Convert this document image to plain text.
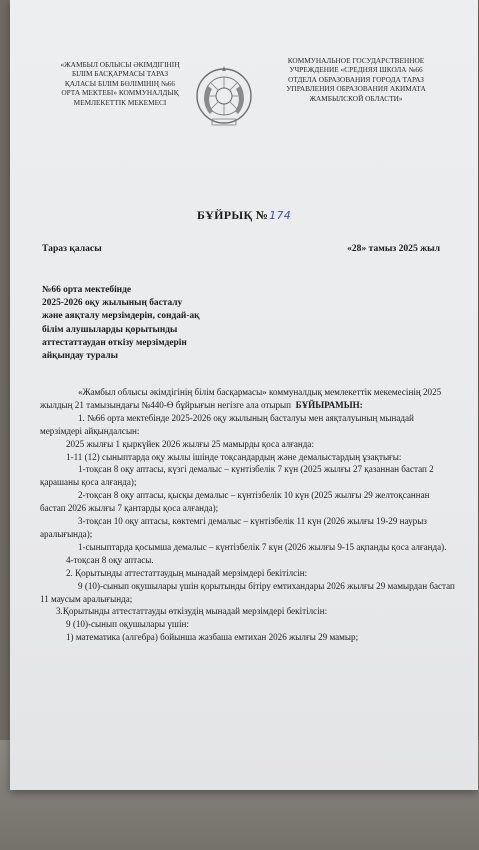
«ЖАМБЫЛ ОБЛЫСЫ ӘКІМДІГІНІҢ
БІЛІМ БАСҚАРМАСЫ ТАРАЗ
ҚАЛАСЫ БІЛІМ БӨЛІМІНІҢ №66
ОРТА МЕКТЕБІ» КОММУНАЛДЫҚ
МЕМЛЕКЕТТІК МЕКЕМЕСІ
КОММУНАЛЬНОЕ ГОСУДАРСТВЕННОЕ
УЧРЕЖДЕНИЕ «СРЕДНЯЯ ШКОЛА №66
ОТДЕЛА ОБРАЗОВАНИЯ ГОРОДА ТАРАЗ
УПРАВЛЕНИЯ ОБРАЗОВАНИЯ АКИМАТА
ЖАМБЫЛСКОЙ ОБЛАСТИ»
БҰЙРЫҚ №174
Тараз қаласы	«28» тамыз 2025 жыл
№66 орта мектебінде
2025-2026 оқу жылының басталу
және аяқталу мерзімдерін, сондай-ақ
білім алушыларды қорытынды
аттестаттаудан өткізу мерзімдерін
айқындау туралы

«Жамбыл облысы әкімдігінің білім басқармасы» коммуналдық мемлекеттік мекемесінің 2025 жылдың 21 тамызындағы №440-Ө бұйрығын негізге ала отырып БҰЙЫРАМЫН:

1. №66 орта мектебінде 2025-2026 оқу жылының басталуы мен аяқталуының мынадай мерзімдері айқындалсын:

2025 жылғы 1 қыркүйек 2026 жылғы 25 мамырды қоса алғанда:

1-11 (12) сыныптарда оқу жылы ішінде тоқсандардың және демалыстардың ұзақтығы:

1-тоқсан 8 оқу аптасы, күзгі демалыс – күнтізбелік 7 күн (2025 жылғы 27 қазаннан бастап 2 қарашаны қоса алғанда);

2-тоқсан 8 оқу аптасы, қысқы демалыс – күнтізбелік 10 күн (2025 жылғы 29 желтоқсаннан бастап 2026 жылғы 7 қантарды қоса алғанда);

3-тоқсан 10 оқу аптасы, көктемгі демалыс – күнтізбелік 11 күн (2026 жылғы 19-29 наурыз аралығында);

1-сыныптарда қосымша демалыс – күнтізбелік 7 күн (2026 жылғы 9-15 ақпанды қоса алғанда).

4-тоқсан 8 оқу аптасы.

2. Қорытынды аттестаттаудың мынадай мерзімдері бекітілсін:

9 (10)-сынып оқушылары үшін қорытынды бітіру емтихандары 2026 жылғы 29 мамырдан бастап 11 маусым аралығында;

3.Қорытынды аттестаттауды өткізудің мынадай мерзімдері бекітілсін:

9 (10)-сынып оқушылары үшін:

1) математика (алгебра) бойынша жазбаша емтихан 2026 жылғы 29 мамыр;
